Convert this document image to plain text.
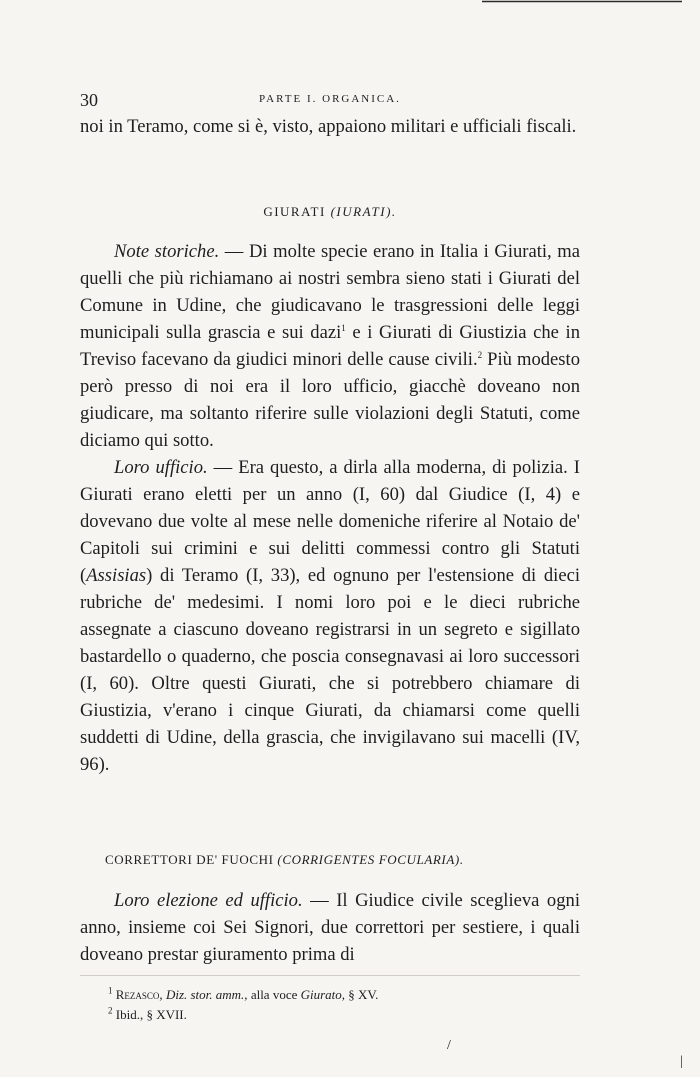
30	PARTE I. ORGANICA.

noi in Teramo, come si è, visto, appaiono militari e ufficiali fiscali.

GIURATI (IURATI).

Note storiche. — Di molte specie erano in Italia i Giurati, ma quelli che più richiamano ai nostri sembra sieno stati i Giurati del Comune in Udine, che giudicavano le trasgressioni delle leggi municipali sulla grascia e sui dazi$^1$ e i Giurati di Giustizia che in Treviso facevano da giudici minori delle cause civili.$^2$ Più modesto però presso di noi era il loro ufficio, giacchè doveano non giudicare, ma soltanto riferire sulle violazioni degli Statuti, come diciamo qui sotto.

Loro ufficio. — Era questo, a dirla alla moderna, di polizia. I Giurati erano eletti per un anno (I, 60) dal Giudice (I, 4) e dovevano due volte al mese nelle domeniche riferire al Notaio de' Capitoli sui crimini e sui delitti commessi contro gli Statuti (Assisias) di Teramo (I, 33), ed ognuno per l'estensione di dieci rubriche de' medesimi. I nomi loro poi e le dieci rubriche assegnate a ciascuno doveano registrarsi in un segreto e sigillato bastardello o quaderno, che poscia consegnavasi ai loro successori (I, 60). Oltre questi Giurati, che si potrebbero chiamare di Giustizia, v'erano i cinque Giurati, da chiamarsi come quelli suddetti di Udine, della grascia, che invigilavano sui macelli (IV, 96).

CORRETTORI DE' FUOCHI (CORRIGENTES FOCULARIA).

Loro elezione ed ufficio. — Il Giudice civile sceglieva ogni anno, insieme coi Sei Signori, due correttori per sestiere, i quali doveano prestar giuramento prima di

$^1$ Rezasco, Diz. stor. amm., alla voce Giurato, § XV.

$^2$ Ibid., § XVII.

/
|
